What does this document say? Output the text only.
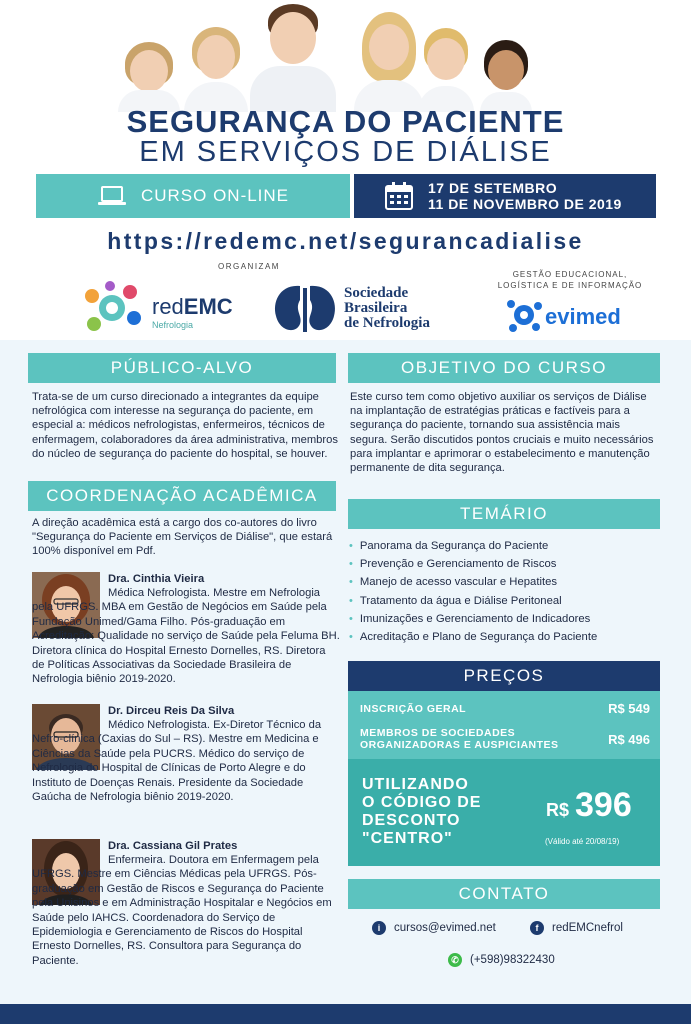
SEGURANÇA DO PACIENTE
EM SERVIÇOS DE DIÁLISE
CURSO ON-LINE	17 DE SETEMBRO
11 DE NOVEMBRO DE 2019
https://redemc.net/segurancadialise
ORGANIZAM
GESTÃO EDUCACIONAL,
LOGÍSTICA E DE INFORMAÇÃO
redEMC
Nefrologia
Sociedade
Brasileira
de Nefrologia	evimed
PÚBLICO-ALVO
Trata-se de um curso direcionado a integrantes da equipe nefrológica com interesse na segurança do paciente, em especial a: médicos nefrologistas, enfermeiros, técnicos de enfermagem, colaboradores da área administrativa, membros do núcleo de segurança do paciente do hospital, se houver.
OBJETIVO DO CURSO
Este curso tem como objetivo auxiliar os serviços de Diálise na implantação de estratégias práticas e factíveis para a segurança do paciente, tornando sua assistência mais segura. Serão discutidos pontos cruciais e muito necessários para implantar e aprimorar o estabelecimento e manutenção permanente de dita segurança.
COORDENAÇÃO ACADÊMICA
A direção acadêmica está a cargo dos co-autores do livro "Segurança do Paciente em Serviços de Diálise", que estará 100% disponível em Pdf.
Dra. Cinthia Vieira
Médica Nefrologista. Mestre em Nefrologia pela UFRGS. MBA em Gestão de Negócios em Saúde pela Fundação Unimed/Gama Filho. Pós-graduação em Acreditação: Qualidade no serviço de Saúde pela Feluma BH. Diretora clínica do Hospital Ernesto Dornelles, RS. Diretora de Políticas Associativas da Sociedade Brasileira de Nefrologia biênio 2019-2020.
Dr. Dirceu Reis Da Silva
Médico Nefrologista. Ex-Diretor Técnico da Nefro-clínica (Caxias do Sul – RS). Mestre em Medicina e Ciências da Saúde pela PUCRS. Médico do serviço de Nefrologia do Hospital de Clínicas de Porto Alegre e do Instituto de Doenças Renais. Presidente da Sociedade Gaúcha de Nefrologia biênio 2019-2020.
Dra. Cassiana Gil Prates
Enfermeira. Doutora em Enfermagem pela UFRGS. Mestre em Ciências Médicas pela UFRGS. Pós-graduação em Gestão de Riscos e Segurança do Paciente pela Unisinos e em Administração Hospitalar e Negócios em Saúde pelo IAHCS. Coordenadora do Serviço de Epidemiologia e Gerenciamento de Riscos do Hospital Ernesto Dornelles, RS. Consultora para Segurança do Paciente.
TEMÁRIO
• Panorama da Segurança do Paciente
• Prevenção e Gerenciamento de Riscos
• Manejo de acesso vascular e Hepatites
• Tratamento da água e Diálise Peritoneal
• Imunizações e Gerenciamento de Indicadores
• Acreditação e Plano de Segurança do Paciente
PREÇOS
INSCRIÇÃO GERAL	R$ 549
MEMBROS DE SOCIEDADES
ORGANIZADORAS E AUSPICIANTES	R$ 496
UTILIZANDO
O CÓDIGO DE
DESCONTO
"CENTRO"
R$ 396
(Válido até 20/08/19)
CONTATO
i	cursos@evimed.net	f	redEMCnefrol
✆ (+598)98322430
